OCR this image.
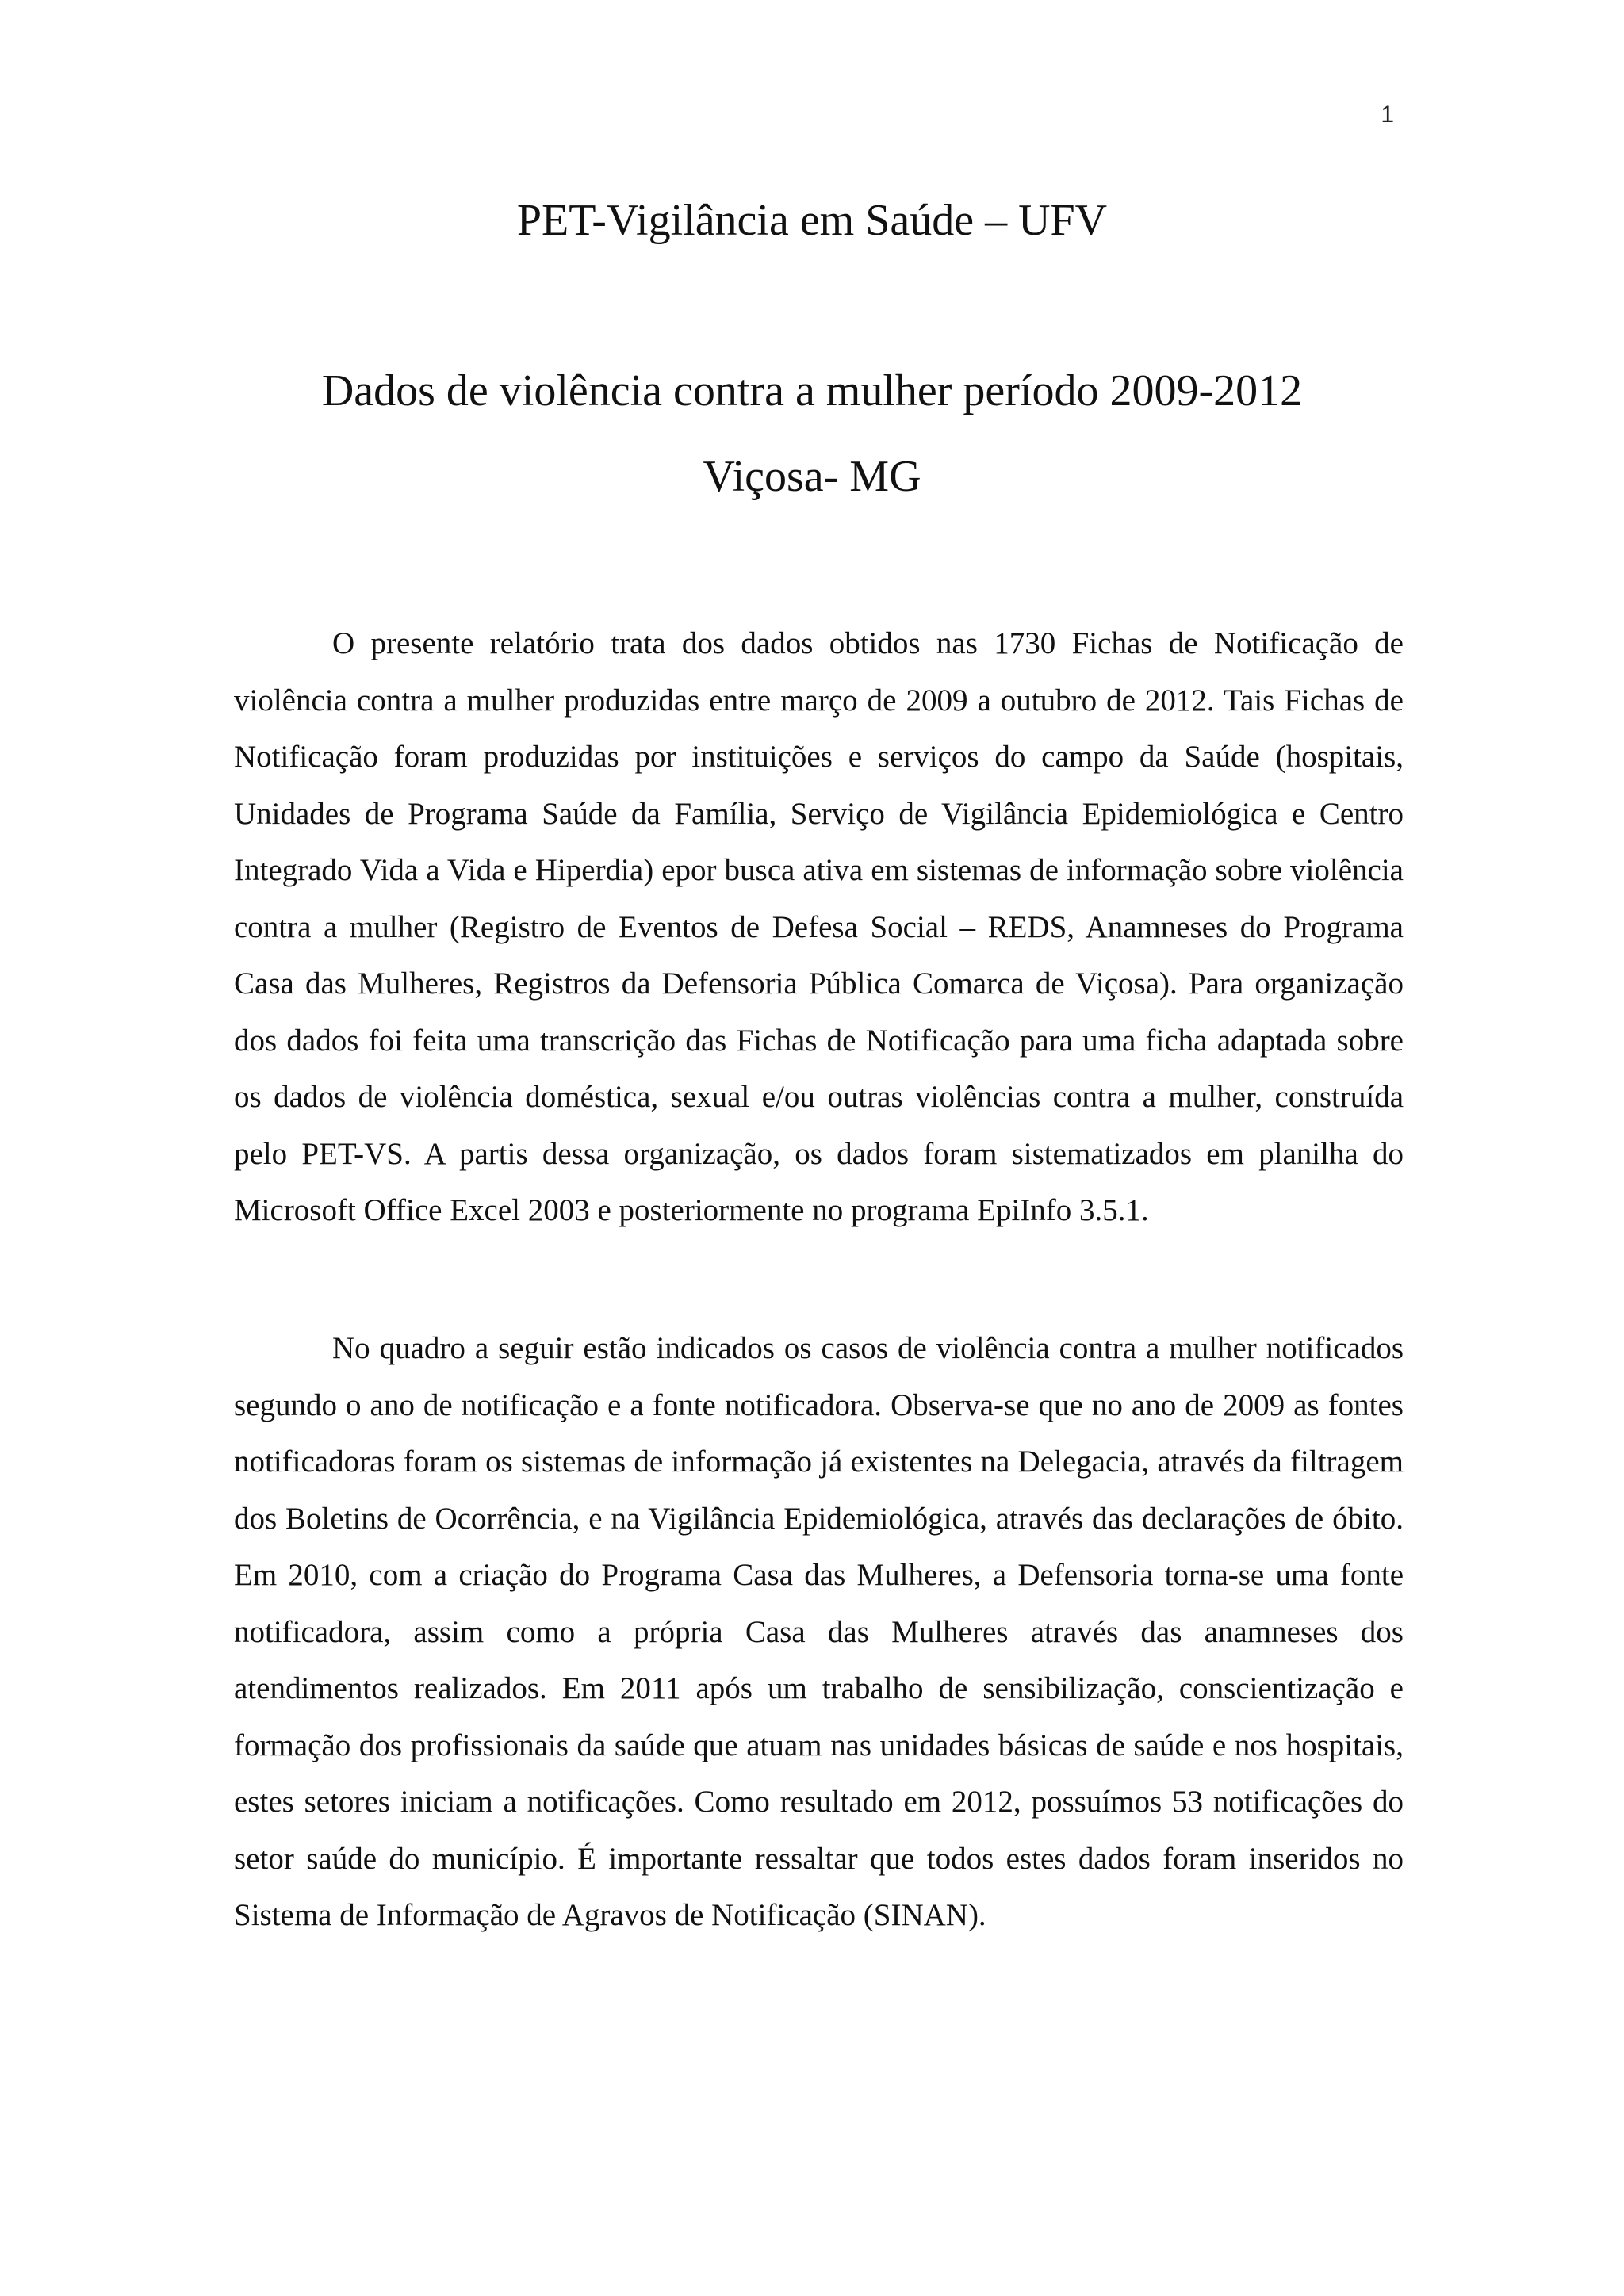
1
PET-Vigilância em Saúde – UFV
Dados de violência contra a mulher período 2009-2012
Viçosa- MG

O presente relatório trata dos dados obtidos nas 1730 Fichas de Notificação de violência contra a mulher produzidas entre março de 2009 a outubro de 2012. Tais Fichas de Notificação foram produzidas por instituições e serviços do campo da Saúde (hospitais, Unidades de Programa Saúde da Família, Serviço de Vigilância Epidemiológica e Centro Integrado Vida a Vida e Hiperdia) epor busca ativa em sistemas de informação sobre violência contra a mulher (Registro de Eventos de Defesa Social – REDS, Anamneses do Programa Casa das Mulheres, Registros da Defensoria Pública Comarca de Viçosa). Para organização dos dados foi feita uma transcrição das Fichas de Notificação para uma ficha adaptada sobre os dados de violência doméstica, sexual e/ou outras violências contra a mulher, construída pelo PET-VS. A partis dessa organização, os dados foram sistematizados em planilha do Microsoft Office Excel 2003 e posteriormente no programa EpiInfo 3.5.1.

No quadro a seguir estão indicados os casos de violência contra a mulher notificados segundo o ano de notificação e a fonte notificadora. Observa-se que no ano de 2009 as fontes notificadoras foram os sistemas de informação já existentes na Delegacia, através da filtragem dos Boletins de Ocorrência, e na Vigilância Epidemiológica, através das declarações de óbito. Em 2010, com a criação do Programa Casa das Mulheres, a Defensoria torna-se uma fonte notificadora, assim como a própria Casa das Mulheres através das anamneses dos atendimentos realizados. Em 2011 após um trabalho de sensibilização, conscientização e formação dos profissionais da saúde que atuam nas unidades básicas de saúde e nos hospitais, estes setores iniciam a notificações. Como resultado em 2012, possuímos 53 notificações do setor saúde do município. É importante ressaltar que todos estes dados foram inseridos no Sistema de Informação de Agravos de Notificação (SINAN).
